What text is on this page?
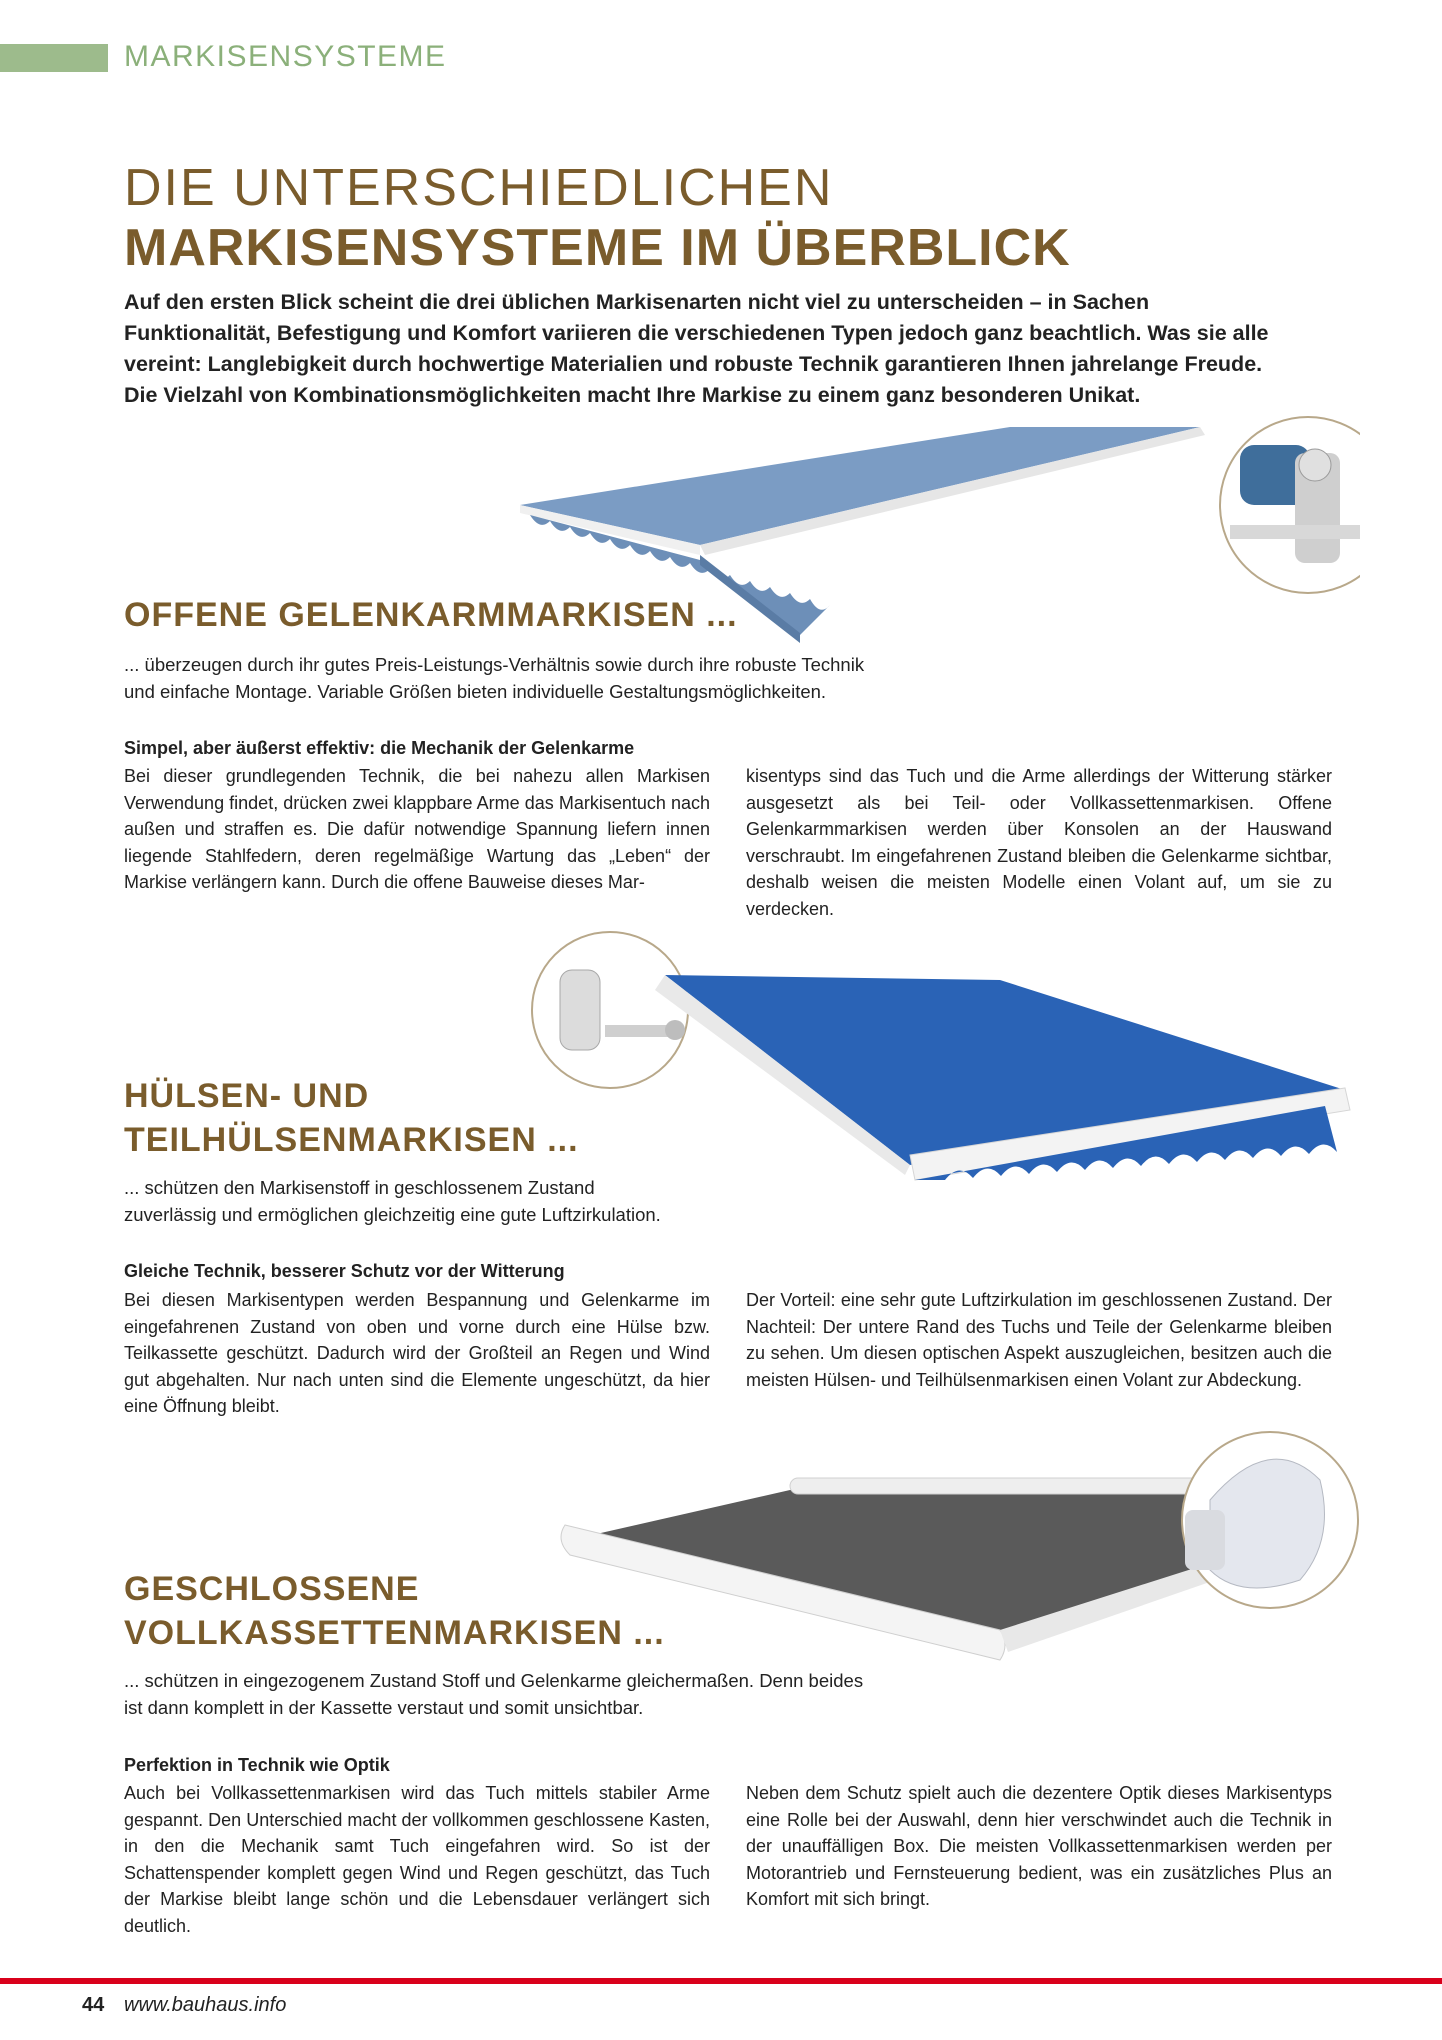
MARKISENSYSTEME
DIE UNTERSCHIEDLICHEN
MARKISENSYSTEME IM ÜBERBLICK
Auf den ersten Blick scheint die drei üblichen Markisenarten nicht viel zu unterscheiden – in Sachen Funktionalität, Befestigung und Komfort variieren die verschiedenen Typen jedoch ganz beachtlich. Was sie alle vereint: Langlebigkeit durch hochwertige Materialien und robuste Technik garantieren Ihnen jahrelange Freude. Die Vielzahl von Kombinationsmöglichkeiten macht Ihre Markise zu einem ganz besonderen Unikat.
OFFENE GELENKARMMARKISEN ...
... überzeugen durch ihr gutes Preis-Leistungs-Verhältnis sowie durch ihre robuste Technik und einfache Montage. Variable Größen bieten individuelle Gestaltungsmöglichkeiten.
Simpel, aber äußerst effektiv: die Mechanik der Gelenkarme
Bei dieser grundlegenden Technik, die bei nahezu allen Markisen Verwendung findet, drücken zwei klappbare Arme das Markisentuch nach außen und straffen es. Die dafür notwendige Spannung liefern innen liegende Stahlfedern, deren regelmäßige Wartung das „Leben“ der Markise verlängern kann. Durch die offene Bauweise dieses Mar-
kisentyps sind das Tuch und die Arme allerdings der Witterung stärker ausgesetzt als bei Teil- oder Vollkassettenmarkisen. Offene Gelenkarmmarkisen werden über Konsolen an der Hauswand verschraubt. Im eingefahrenen Zustand bleiben die Gelenkarme sichtbar, deshalb weisen die meisten Modelle einen Volant auf, um sie zu verdecken.
HÜLSEN- UND
TEILHÜLSENMARKISEN ...
... schützen den Markisenstoff in geschlossenem Zustand zuverlässig und ermöglichen gleichzeitig eine gute Luftzirkulation.
Gleiche Technik, besserer Schutz vor der Witterung
Bei diesen Markisentypen werden Bespannung und Gelenkarme im eingefahrenen Zustand von oben und vorne durch eine Hülse bzw. Teilkassette geschützt. Dadurch wird der Großteil an Regen und Wind gut abgehalten. Nur nach unten sind die Elemente ungeschützt, da hier eine Öffnung bleibt.
Der Vorteil: eine sehr gute Luftzirkulation im geschlossenen Zustand. Der Nachteil: Der untere Rand des Tuchs und Teile der Gelenkarme bleiben zu sehen. Um diesen optischen Aspekt auszugleichen, besitzen auch die meisten Hülsen- und Teilhülsenmarkisen einen Volant zur Abdeckung.
GESCHLOSSENE
VOLLKASSETTENMARKISEN ...
... schützen in eingezogenem Zustand Stoff und Gelenkarme gleichermaßen. Denn beides ist dann komplett in der Kassette verstaut und somit unsichtbar.
Perfektion in Technik wie Optik
Auch bei Vollkassettenmarkisen wird das Tuch mittels stabiler Arme gespannt. Den Unterschied macht der vollkommen geschlossene Kasten, in den die Mechanik samt Tuch eingefahren wird. So ist der Schattenspender komplett gegen Wind und Regen geschützt, das Tuch der Markise bleibt lange schön und die Lebensdauer verlängert sich deutlich.
Neben dem Schutz spielt auch die dezentere Optik dieses Markisentyps eine Rolle bei der Auswahl, denn hier verschwindet auch die Technik in der unauffälligen Box. Die meisten Vollkassettenmarkisen werden per Motorantrieb und Fernsteuerung bedient, was ein zusätzliches Plus an Komfort mit sich bringt.
44 www.bauhaus.info
